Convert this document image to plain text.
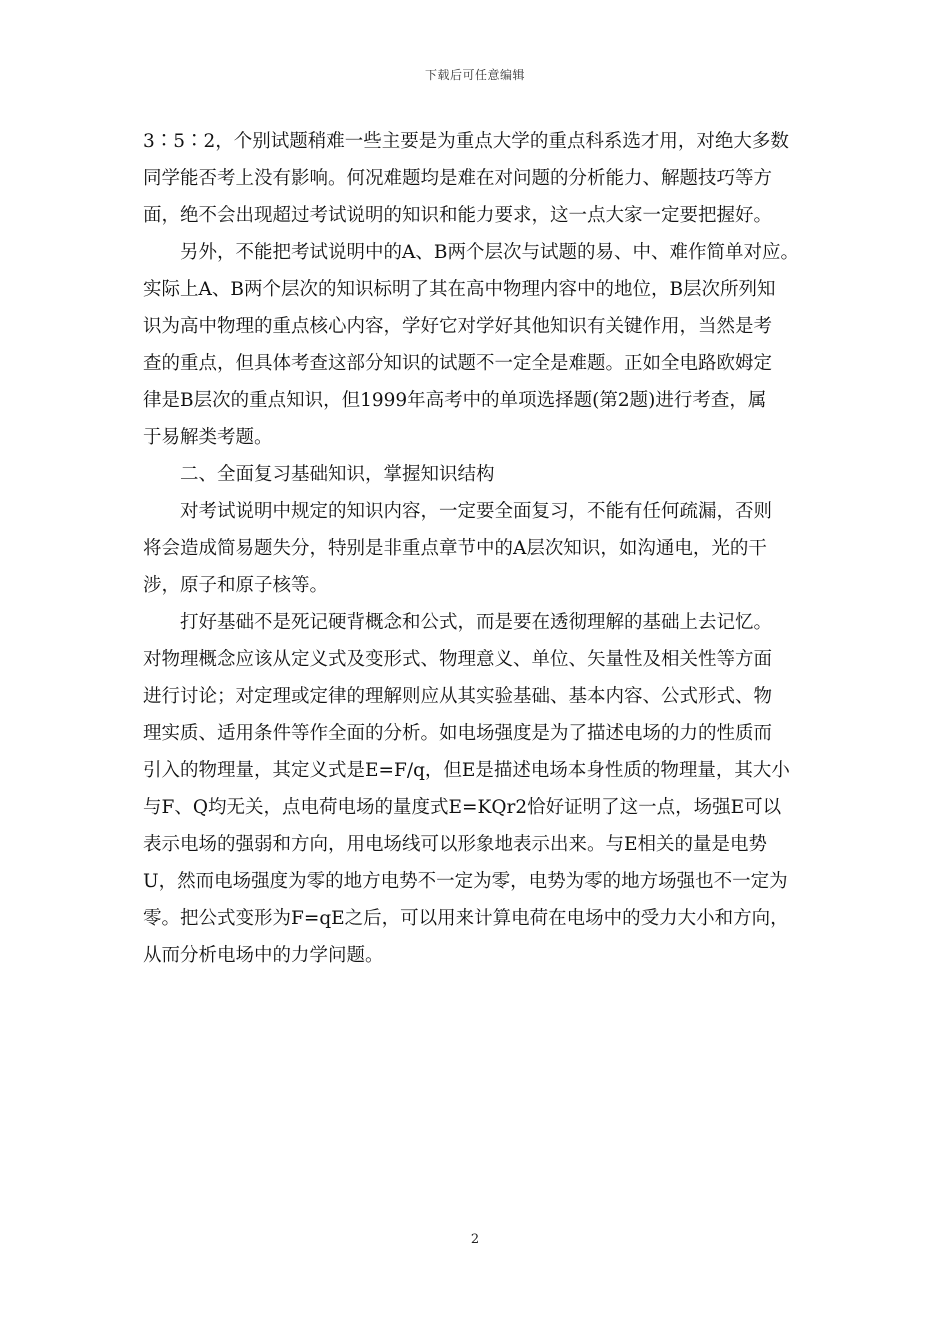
下载后可任意编辑
3∶5∶2，个别试题稍难一些主要是为重点大学的重点科系选才用，对绝大多数
同学能否考上没有影响。何况难题均是难在对问题的分析能力、解题技巧等方
面，绝不会出现超过考试说明的知识和能力要求，这一点大家一定要把握好。
　　另外，不能把考试说明中的A、B两个层次与试题的易、中、难作简单对应。
实际上A、B两个层次的知识标明了其在高中物理内容中的地位，B层次所列知
识为高中物理的重点核心内容，学好它对学好其他知识有关键作用，当然是考
查的重点，但具体考查这部分知识的试题不一定全是难题。正如全电路欧姆定
律是B层次的重点知识，但1999年高考中的单项选择题(第2题)进行考查，属
于易解类考题。
　　二、全面复习基础知识，掌握知识结构
　　对考试说明中规定的知识内容，一定要全面复习，不能有任何疏漏，否则
将会造成简易题失分，特别是非重点章节中的A层次知识，如沟通电，光的干
涉，原子和原子核等。
　　打好基础不是死记硬背概念和公式，而是要在透彻理解的基础上去记忆。
对物理概念应该从定义式及变形式、物理意义、单位、矢量性及相关性等方面
进行讨论；对定理或定律的理解则应从其实验基础、基本内容、公式形式、物
理实质、适用条件等作全面的分析。如电场强度是为了描述电场的力的性质而
引入的物理量，其定义式是E=F/q，但E是描述电场本身性质的物理量，其大小
与F、Q均无关，点电荷电场的量度式E=KQr2恰好证明了这一点，场强E可以
表示电场的强弱和方向，用电场线可以形象地表示出来。与E相关的量是电势
U，然而电场强度为零的地方电势不一定为零，电势为零的地方场强也不一定为
零。把公式变形为F=qE之后，可以用来计算电荷在电场中的受力大小和方向，
从而分析电场中的力学问题。
2
